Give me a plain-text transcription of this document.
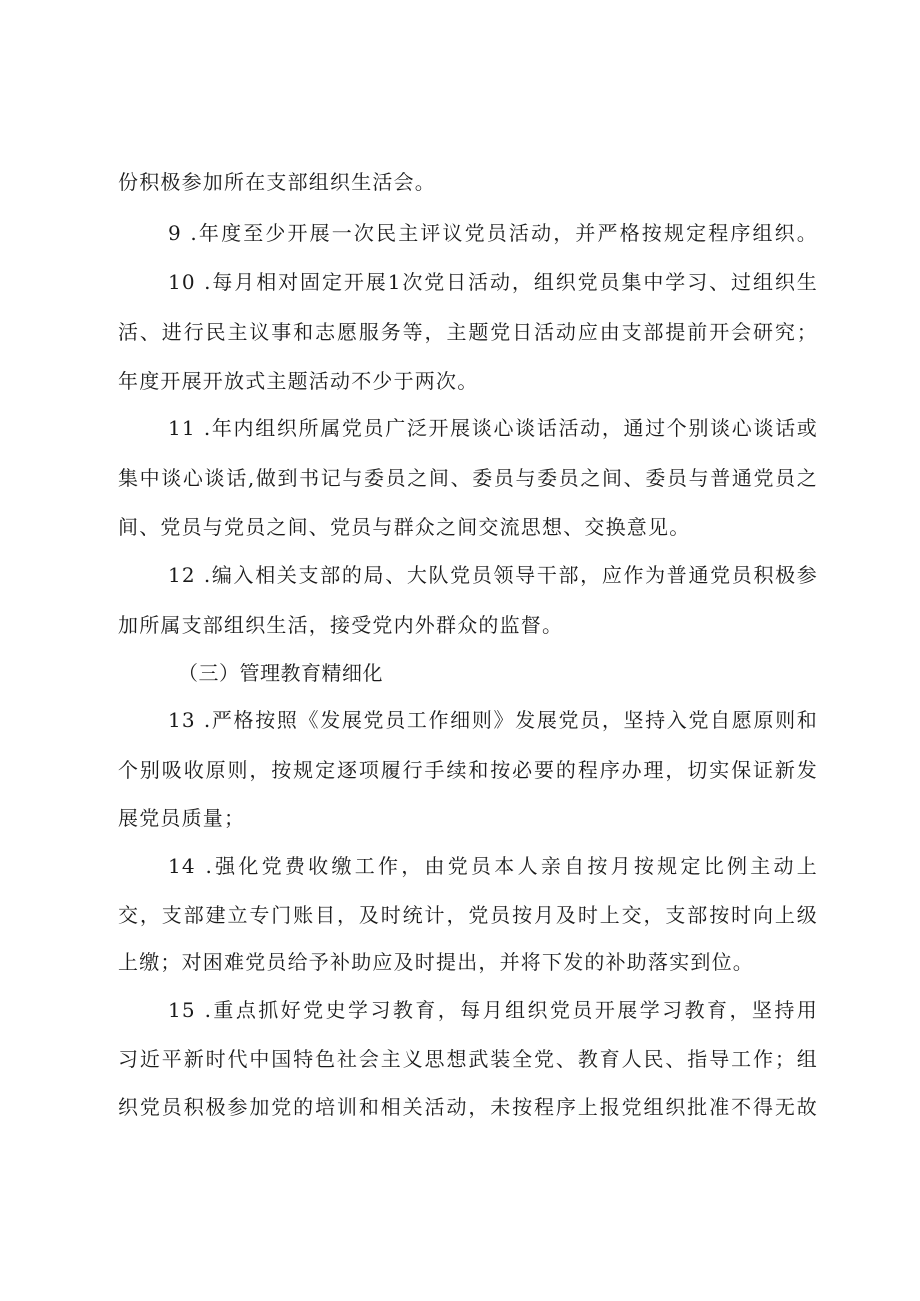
份积极参加所在支部组织生活会。
9 .年度至少开展一次民主评议党员活动，并严格按规定程序组织。
10 .每月相对固定开展1次党日活动，组织党员集中学习、过组织生
活、进行民主议事和志愿服务等，主题党日活动应由支部提前开会研究；
年度开展开放式主题活动不少于两次。
11 .年内组织所属党员广泛开展谈心谈话活动，通过个别谈心谈话或
集中谈心谈话,做到书记与委员之间、委员与委员之间、委员与普通党员之
间、党员与党员之间、党员与群众之间交流思想、交换意见。
12 .编入相关支部的局、大队党员领导干部，应作为普通党员积极参
加所属支部组织生活，接受党内外群众的监督。
（三）管理教育精细化
13 .严格按照《发展党员工作细则》发展党员，坚持入党自愿原则和
个别吸收原则，按规定逐项履行手续和按必要的程序办理，切实保证新发
展党员质量；
14 .强化党费收缴工作，由党员本人亲自按月按规定比例主动上
交，支部建立专门账目，及时统计，党员按月及时上交，支部按时向上级
上缴；对困难党员给予补助应及时提出，并将下发的补助落实到位。
15 .重点抓好党史学习教育，每月组织党员开展学习教育，坚持用
习近平新时代中国特色社会主义思想武装全党、教育人民、指导工作；组
织党员积极参加党的培训和相关活动，未按程序上报党组织批准不得无故
